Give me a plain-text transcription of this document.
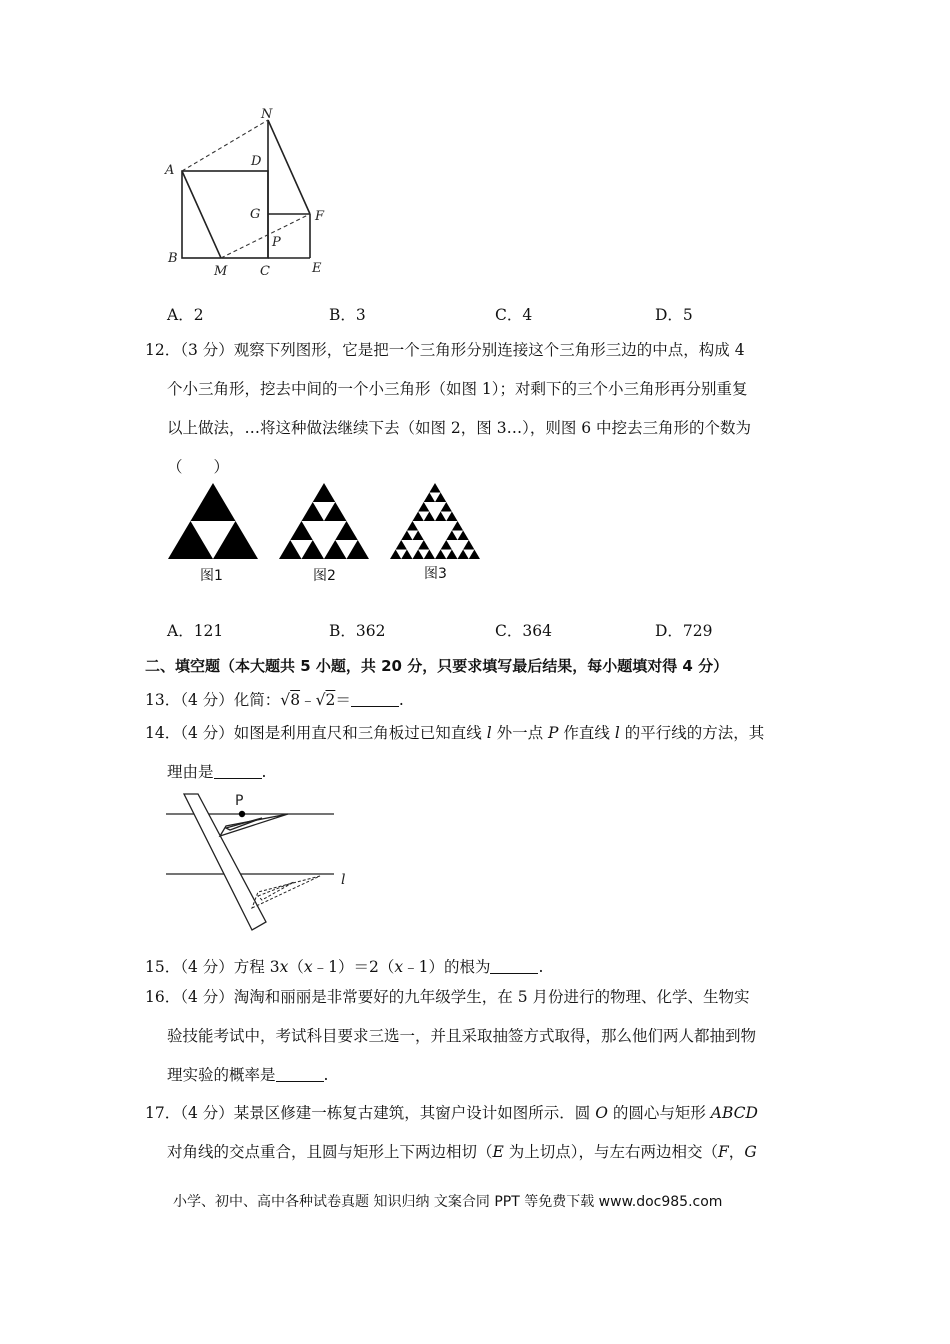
N
A
D
G	F
P
B
M	C	E
A．2	B．3	C．4	D．5
12．（3 分）观察下列图形，它是把一个三角形分别连接这个三角形三边的中点，构成 4
个小三角形，挖去中间的一个小三角形（如图 1）；对剩下的三个小三角形再分别重复
以上做法，…将这种做法继续下去（如图 2，图 3…），则图 6 中挖去三角形的个数为
（　　）
图1	图2	图3
A．121	B．362	C．364	D．729
二、填空题（本大题共 5 小题，共 20 分，只要求填写最后结果，每小题填对得 4 分）
13．（4 分）化简：√8﹣√2＝	.
14．（4 分）如图是利用直尺和三角板过已知直线 l 外一点 P 作直线 l 的平行线的方法，其
理由是	.
P
l
15．（4 分）方程 3x（x﹣1）＝2（x﹣1）的根为	.
16．（4 分）淘淘和丽丽是非常要好的九年级学生，在 5 月份进行的物理、化学、生物实
验技能考试中，考试科目要求三选一，并且采取抽签方式取得，那么他们两人都抽到物
理实验的概率是	.
17．（4 分）某景区修建一栋复古建筑，其窗户设计如图所示．圆 O 的圆心与矩形 ABCD
对角线的交点重合，且圆与矩形上下两边相切（E 为上切点），与左右两边相交（F，G
小学、初中、高中各种试卷真题 知识归纳 文案合同 PPT 等免费下载 www.doc985.com
